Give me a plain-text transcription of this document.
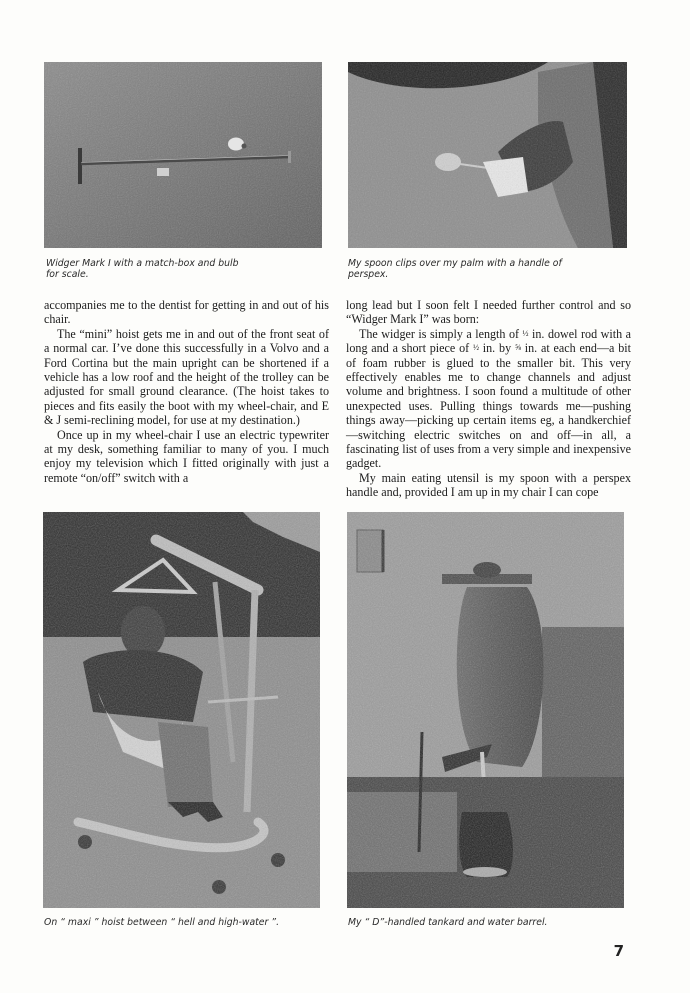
Widger Mark I with a match-box and bulb
for scale.
My spoon clips over my palm with a handle of
perspex.

accompanies me to the dentist for getting in and out of his chair.

The “mini” hoist gets me in and out of the front seat of a normal car. I’ve done this successfully in a Volvo and a Ford Cortina but the main upright can be shortened if a vehicle has a low roof and the height of the trolley can be adjusted for small ground clearance. (The hoist takes to pieces and fits easily the boot with my wheel-chair, and E & J semi-reclining model, for use at my destination.)

Once up in my wheel-chair I use an electric typewriter at my desk, something familiar to many of you. I much enjoy my television which I fitted originally with just a remote “on/off” switch with a

long lead but I soon felt I needed further control and so “Widger Mark I” was born:

The widger is simply a length of ½ in. dowel rod with a long and a short piece of ½ in. by ⅝ in. at each end—a bit of foam rubber is glued to the smaller bit. This very effectively enables me to change channels and adjust volume and brightness. I soon found a multitude of other unexpected uses. Pulling things towards me—pushing things away—picking up certain items eg, a handkerchief—switching electric switches on and off—in all, a fascinating list of uses from a very simple and inexpensive gadget.

My main eating utensil is my spoon with a perspex handle and, provided I am up in my chair I can cope

On “ maxi ” hoist between “ hell and high-water ”.	My “ D”-handled tankard and water barrel.
7
